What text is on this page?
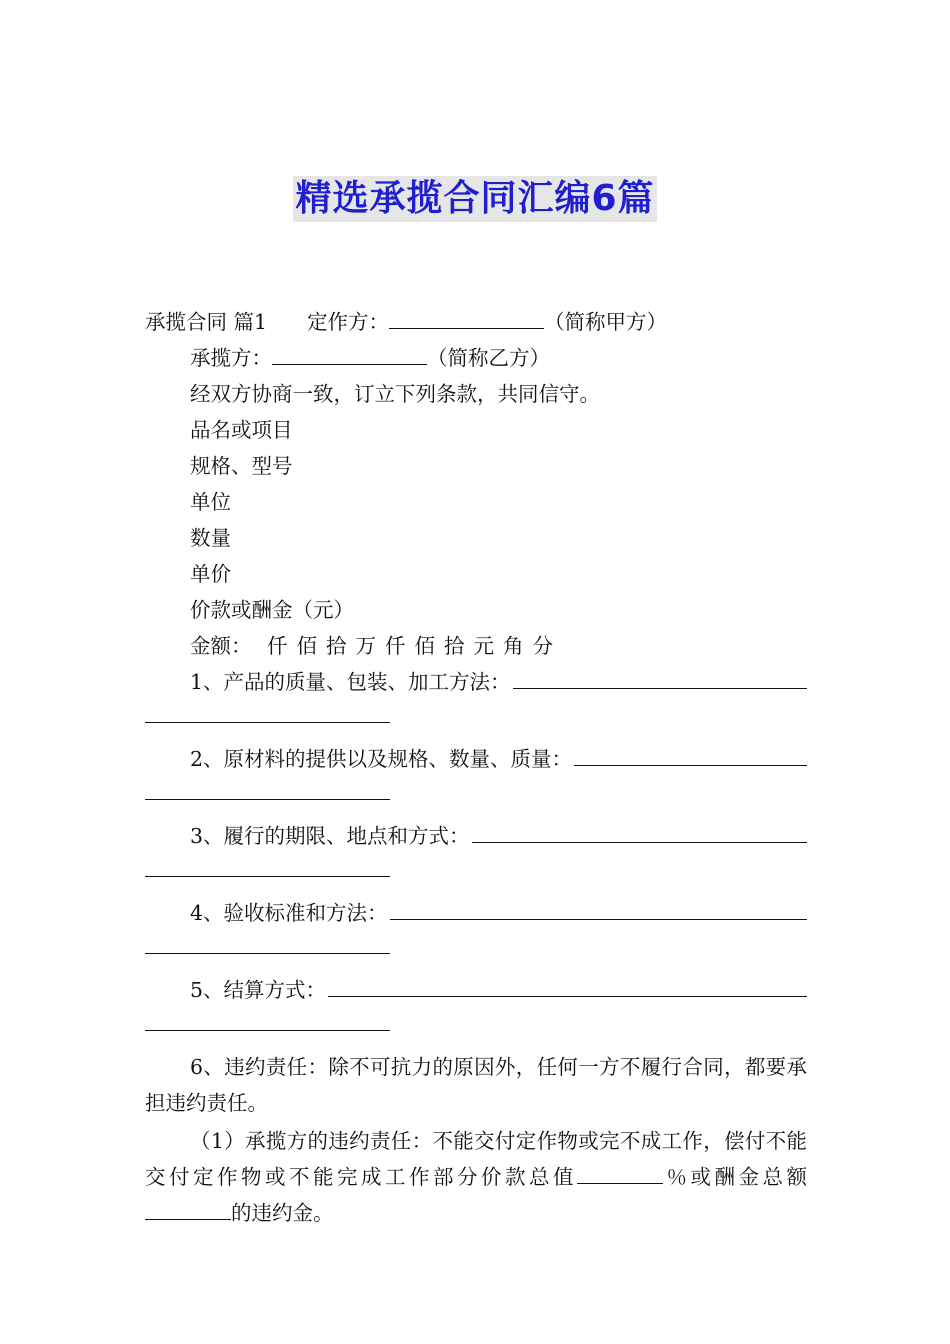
精选承揽合同汇编6篇
承揽合同 篇1 定作方：	（简称甲方）
承揽方：	（简称乙方）
经双方协商一致，订立下列条款，共同信守。
品名或项目
规格、型号
单位
数量
单价
价款或酬金（元）
金额： 仟 佰 拾 万 仟 佰 拾 元 角 分
1、产品的质量、包装、加工方法：
2、原材料的提供以及规格、数量、质量：
3、履行的期限、地点和方式：
4、验收标准和方法：
5、结算方式：
6、违约责任：除不可抗力的原因外，任何一方不履行合同，都要承担违约责任。
（1）承揽方的违约责任：不能交付定作物或完不成工作，偿付不能交付定作物或不能完成工作部分价款总值	％或酬金总额的违约金。
